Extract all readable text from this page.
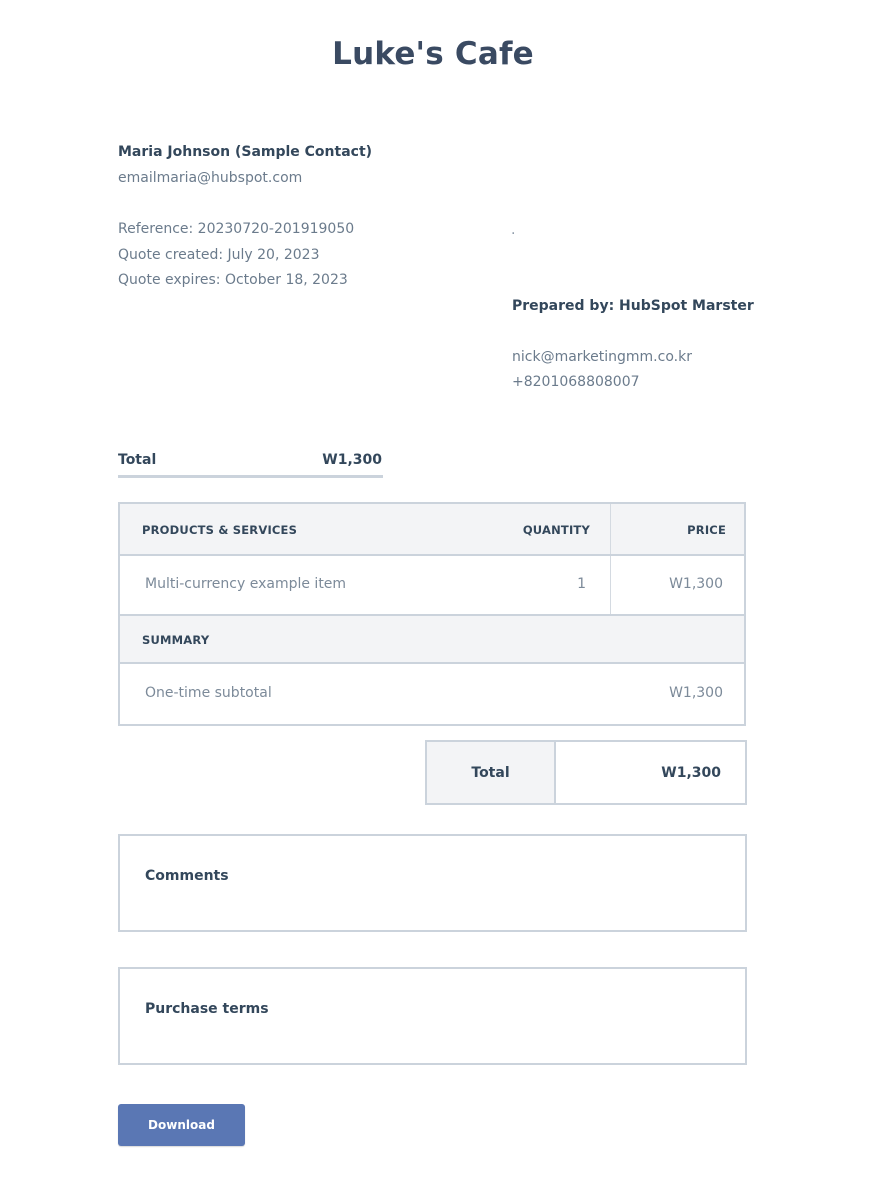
Luke's Cafe
Maria Johnson (Sample Contact)
emailmaria@hubspot.com
Reference: 20230720-201919050
Quote created: July 20, 2023
Quote expires: October 18, 2023
.
Prepared by: HubSpot Marster
nick@marketingmm.co.kr
+8201068808007
Total	W1,300
PRODUCTS & SERVICES	QUANTITY	PRICE
Multi-currency example item	1	W1,300
SUMMARY
One-time subtotal	W1,300
Total	W1,300
Comments
Purchase terms
Download
